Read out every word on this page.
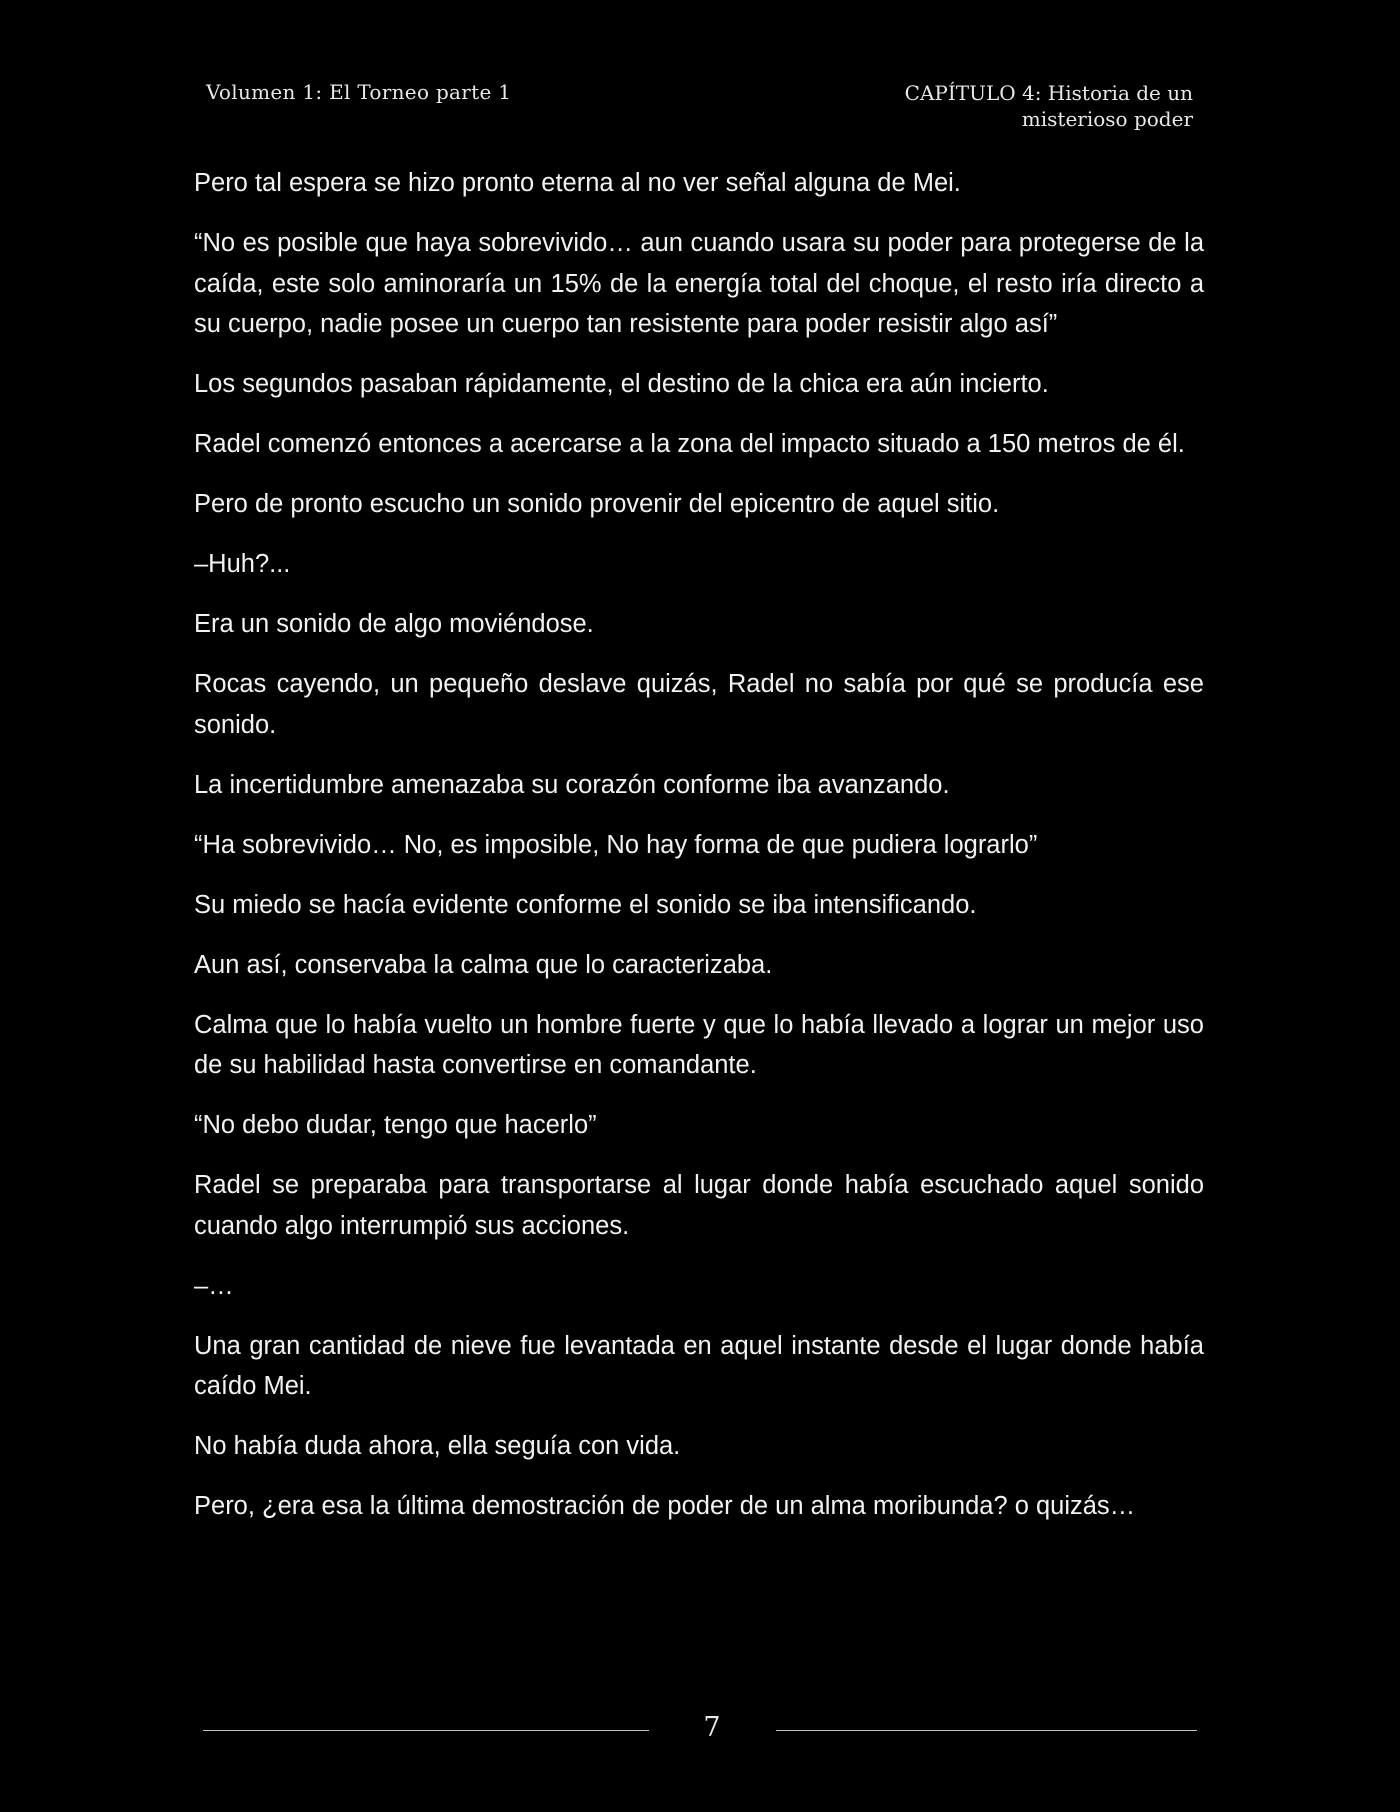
Volumen 1: El Torneo parte 1	CAPÍTULO 4: Historia de un
misterioso poder

Pero tal espera se hizo pronto eterna al no ver señal alguna de Mei.

“No es posible que haya sobrevivido… aun cuando usara su poder para protegerse de la caída, este solo aminoraría un 15% de la energía total del choque, el resto iría directo a su cuerpo, nadie posee un cuerpo tan resistente para poder resistir algo así”

Los segundos pasaban rápidamente, el destino de la chica era aún incierto.

Radel comenzó entonces a acercarse a la zona del impacto situado a 150 metros de él.

Pero de pronto escucho un sonido provenir del epicentro de aquel sitio.

–Huh?...

Era un sonido de algo moviéndose.

Rocas cayendo, un pequeño deslave quizás, Radel no sabía por qué se producía ese sonido.

La incertidumbre amenazaba su corazón conforme iba avanzando.

“Ha sobrevivido… No, es imposible, No hay forma de que pudiera lograrlo”

Su miedo se hacía evidente conforme el sonido se iba intensificando.

Aun así, conservaba la calma que lo caracterizaba.

Calma que lo había vuelto un hombre fuerte y que lo había llevado a lograr un mejor uso de su habilidad hasta convertirse en comandante.

“No debo dudar, tengo que hacerlo”

Radel se preparaba para transportarse al lugar donde había escuchado aquel sonido cuando algo interrumpió sus acciones.

–…

Una gran cantidad de nieve fue levantada en aquel instante desde el lugar donde había caído Mei.

No había duda ahora, ella seguía con vida.

Pero, ¿era esa la última demostración de poder de un alma moribunda? o quizás…

7
